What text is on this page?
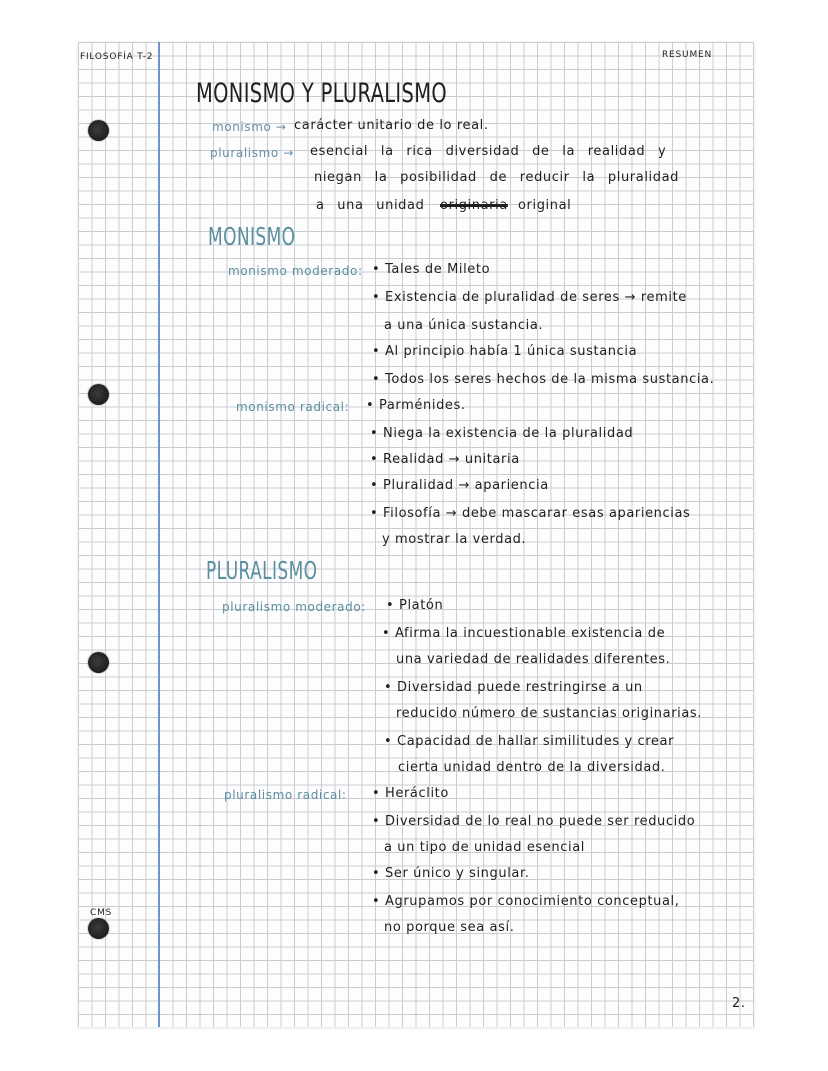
FILOSOFÍA T-2	RESUMEN
MONISMO Y PLURALISMO
monismo → carácter unitario de lo real.
pluralismo → esencial la rica diversidad de la realidad y
niegan la posibilidad de reducir la pluralidad
a una unidad originaria original
MONISMO
monismo moderado: • Tales de Mileto
• Existencia de pluralidad de seres → remite
a una única sustancia.
• Al principio había 1 única sustancia
• Todos los seres hechos de la misma sustancia.
monismo radical: • Parménides.
• Niega la existencia de la pluralidad
• Realidad → unitaria
• Pluralidad → apariencia
• Filosofía → debe mascarar esas apariencias
y mostrar la verdad.
PLURALISMO
pluralismo moderado: • Platón
• Afirma la incuestionable existencia de
una variedad de realidades diferentes.
• Diversidad puede restringirse a un
reducido número de sustancias originarias.
• Capacidad de hallar similitudes y crear
cierta unidad dentro de la diversidad.
pluralismo radical: • Heráclito
• Diversidad de lo real no puede ser reducido
a un tipo de unidad esencial
• Ser único y singular.
• Agrupamos por conocimiento conceptual,
no porque sea así.
CMS
2.
